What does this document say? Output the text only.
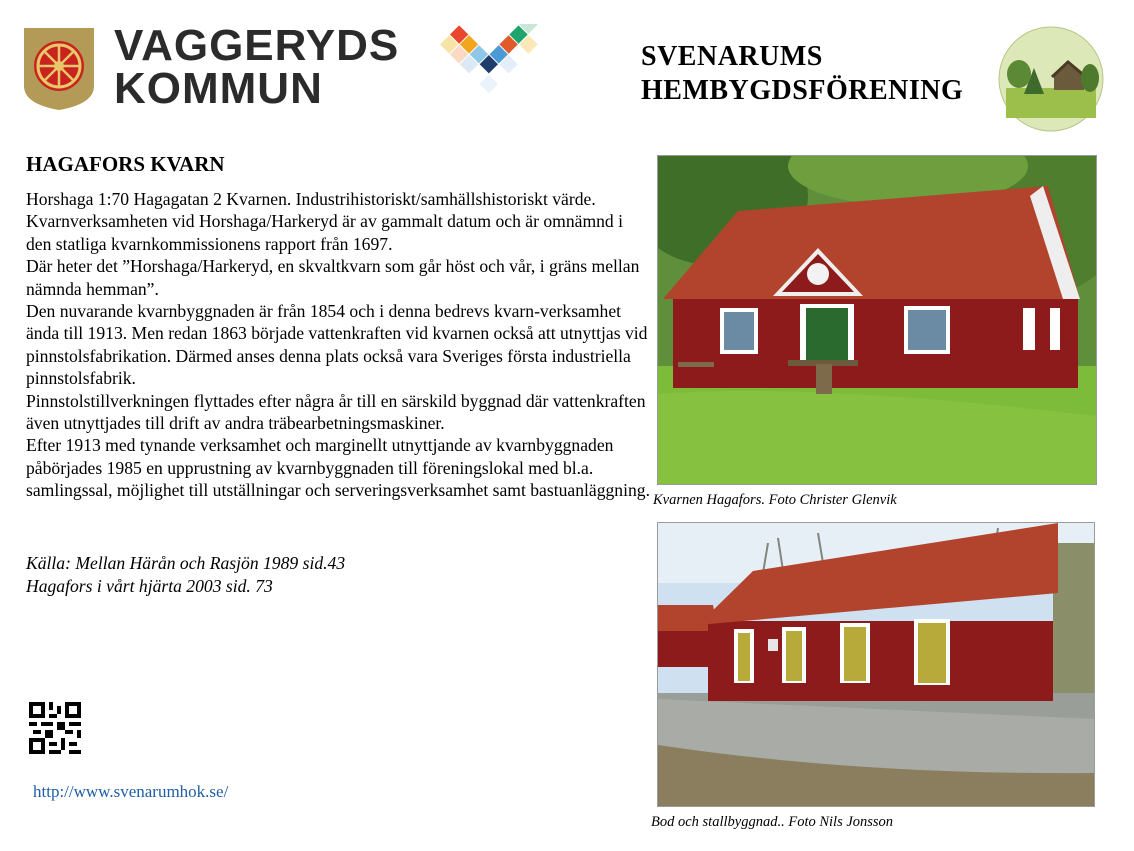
VAGGERYDS
KOMMUN
SVENARUMS
HEMBYGDSFÖRENING
HAGAFORS KVARN

Horshaga 1:70 Hagagatan 2 Kvarnen. Industrihistoriskt/samhällshistoriskt värde. Kvarnverksamheten vid Horshaga/Harkeryd är av gammalt datum och är omnämnd i den statliga kvarnkommissionens rapport från 1697.

Där heter det ”Horshaga/Harkeryd, en skvaltkvarn som går höst och vår, i gräns mellan nämnda hemman”.

Den nuvarande kvarnbyggnaden är från 1854 och i denna bedrevs kvarn-verksamhet ända till 1913. Men redan 1863 började vattenkraften vid kvarnen också att utnyttjas vid pinnstolsfabrikation. Därmed anses denna plats också vara Sveriges första industriella pinnstolsfabrik.

Pinnstolstillverkningen flyttades efter några år till en särskild byggnad där vattenkraften även utnyttjades till drift av andra träbearbetningsmaskiner.

Efter 1913 med tynande verksamhet och marginellt utnyttjande av kvarnbyggnaden påbörjades 1985 en upprustning av kvarnbyggnaden till föreningslokal med bl.a. samlingssal, möjlighet till utställningar och serveringsverksamhet samt bastuanläggning.

Källa: Mellan Härån och Rasjön 1989 sid.43
Hagafors i vårt hjärta 2003 sid. 73
http://www.svenarumhok.se/
Kvarnen Hagafors. Foto Christer Glenvik
Bod och stallbyggnad.. Foto Nils Jonsson
